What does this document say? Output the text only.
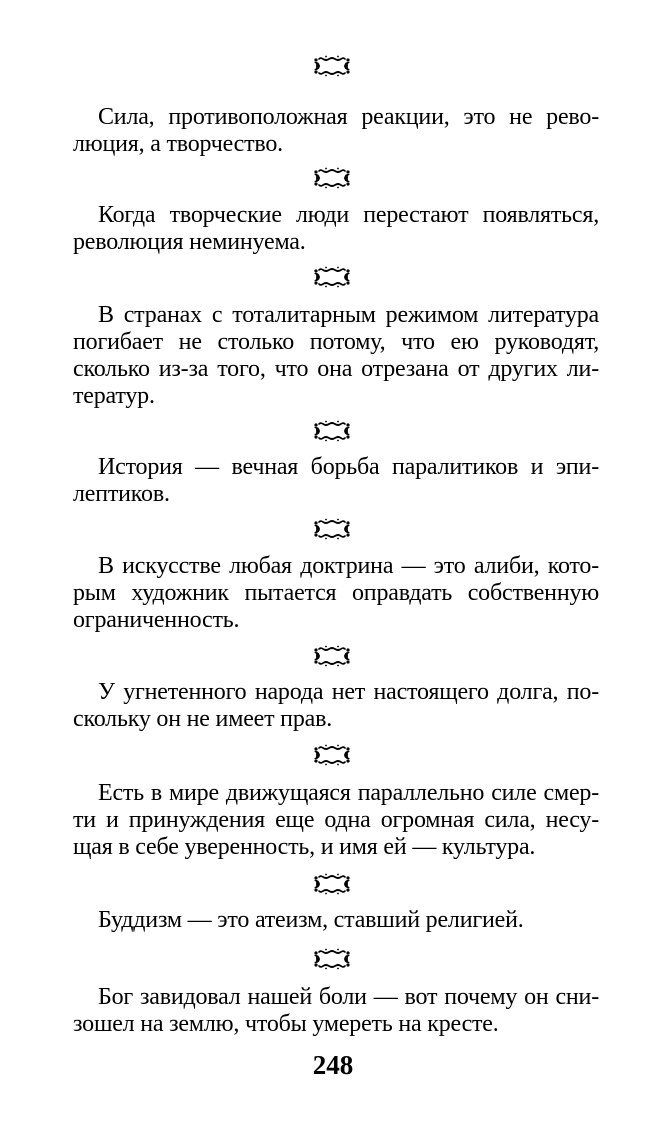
Сила, противоположная реакции, это не рево-
люция, а творчество.
Когда творческие люди перестают появляться,
революция неминуема.
В странах с тоталитарным режимом литература
погибает не столько потому, что ею руководят,
сколько из-за того, что она отрезана от других ли-
тератур.
История — вечная борьба паралитиков и эпи-
лептиков.
В искусстве любая доктрина — это алиби, кото-
рым художник пытается оправдать собственную
ограниченность.
У угнетенного народа нет настоящего долга, по-
скольку он не имеет прав.
Есть в мире движущаяся параллельно силе смер-
ти и принуждения еще одна огромная сила, несу-
щая в себе уверенность, и имя ей — культура.
Буддизм — это атеизм, ставший религией.
Бог завидовал нашей боли — вот почему он сни-
зошел на землю, чтобы умереть на кресте.
248
